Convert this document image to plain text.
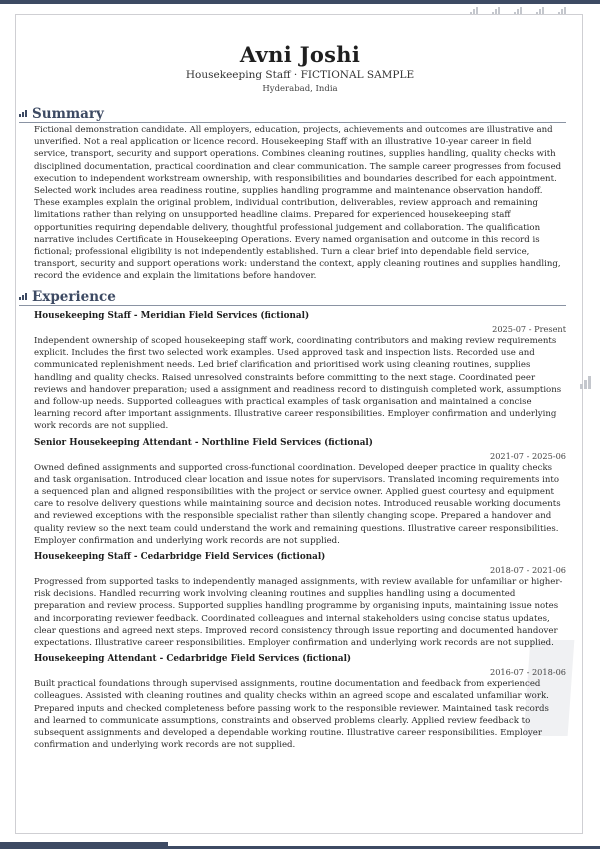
Avni Joshi
Housekeeping Staff · FICTIONAL SAMPLE
Hyderabad, India
Summary

Fictional demonstration candidate. All employers, education, projects, achievements and outcomes are illustrative and unverified. Not a real application or licence record. Housekeeping Staff with an illustrative 10-year career in field service, transport, security and support operations. Combines cleaning routines, supplies handling, quality checks with disciplined documentation, practical coordination and clear communication. The sample career progresses from focused execution to independent workstream ownership, with responsibilities and boundaries described for each appointment. Selected work includes area readiness routine, supplies handling programme and maintenance observation handoff. These examples explain the original problem, individual contribution, deliverables, review approach and remaining limitations rather than relying on unsupported headline claims. Prepared for experienced housekeeping staff opportunities requiring dependable delivery, thoughtful professional judgement and collaboration. The qualification narrative includes Certificate in Housekeeping Operations. Every named organisation and outcome in this record is fictional; professional eligibility is not independently established. Turn a clear brief into dependable field service, transport, security and support operations work: understand the context, apply cleaning routines and supplies handling, record the evidence and explain the limitations before handover.

Experience
Housekeeping Staff - Meridian Field Services (fictional)
2025-07 - Present

Independent ownership of scoped housekeeping staff work, coordinating contributors and making review requirements explicit. Includes the first two selected work examples. Used approved task and inspection lists. Recorded use and communicated replenishment needs. Led brief clarification and prioritised work using cleaning routines, supplies handling and quality checks. Raised unresolved constraints before committing to the next stage. Coordinated peer reviews and handover preparation; used a assignment and readiness record to distinguish completed work, assumptions and follow-up needs. Supported colleagues with practical examples of task organisation and maintained a concise learning record after important assignments. Illustrative career responsibilities. Employer confirmation and underlying work records are not supplied.

Senior Housekeeping Attendant - Northline Field Services (fictional)
2021-07 - 2025-06

Owned defined assignments and supported cross-functional coordination. Developed deeper practice in quality checks and task organisation. Introduced clear location and issue notes for supervisors. Translated incoming requirements into a sequenced plan and aligned responsibilities with the project or service owner. Applied guest courtesy and equipment care to resolve delivery questions while maintaining source and decision notes. Introduced reusable working documents and reviewed exceptions with the responsible specialist rather than silently changing scope. Prepared a handover and quality review so the next team could understand the work and remaining questions. Illustrative career responsibilities. Employer confirmation and underlying work records are not supplied.

Housekeeping Staff - Cedarbridge Field Services (fictional)
2018-07 - 2021-06

Progressed from supported tasks to independently managed assignments, with review available for unfamiliar or higher-risk decisions. Handled recurring work involving cleaning routines and supplies handling using a documented preparation and review process. Supported supplies handling programme by organising inputs, maintaining issue notes and incorporating reviewer feedback. Coordinated colleagues and internal stakeholders using concise status updates, clear questions and agreed next steps. Improved record consistency through issue reporting and documented handover expectations. Illustrative career responsibilities. Employer confirmation and underlying work records are not supplied.

Housekeeping Attendant - Cedarbridge Field Services (fictional)
2016-07 - 2018-06

Built practical foundations through supervised assignments, routine documentation and feedback from experienced colleagues. Assisted with cleaning routines and quality checks within an agreed scope and escalated unfamiliar work. Prepared inputs and checked completeness before passing work to the responsible reviewer. Maintained task records and learned to communicate assumptions, constraints and observed problems clearly. Applied review feedback to subsequent assignments and developed a dependable working routine. Illustrative career responsibilities. Employer confirmation and underlying work records are not supplied.
